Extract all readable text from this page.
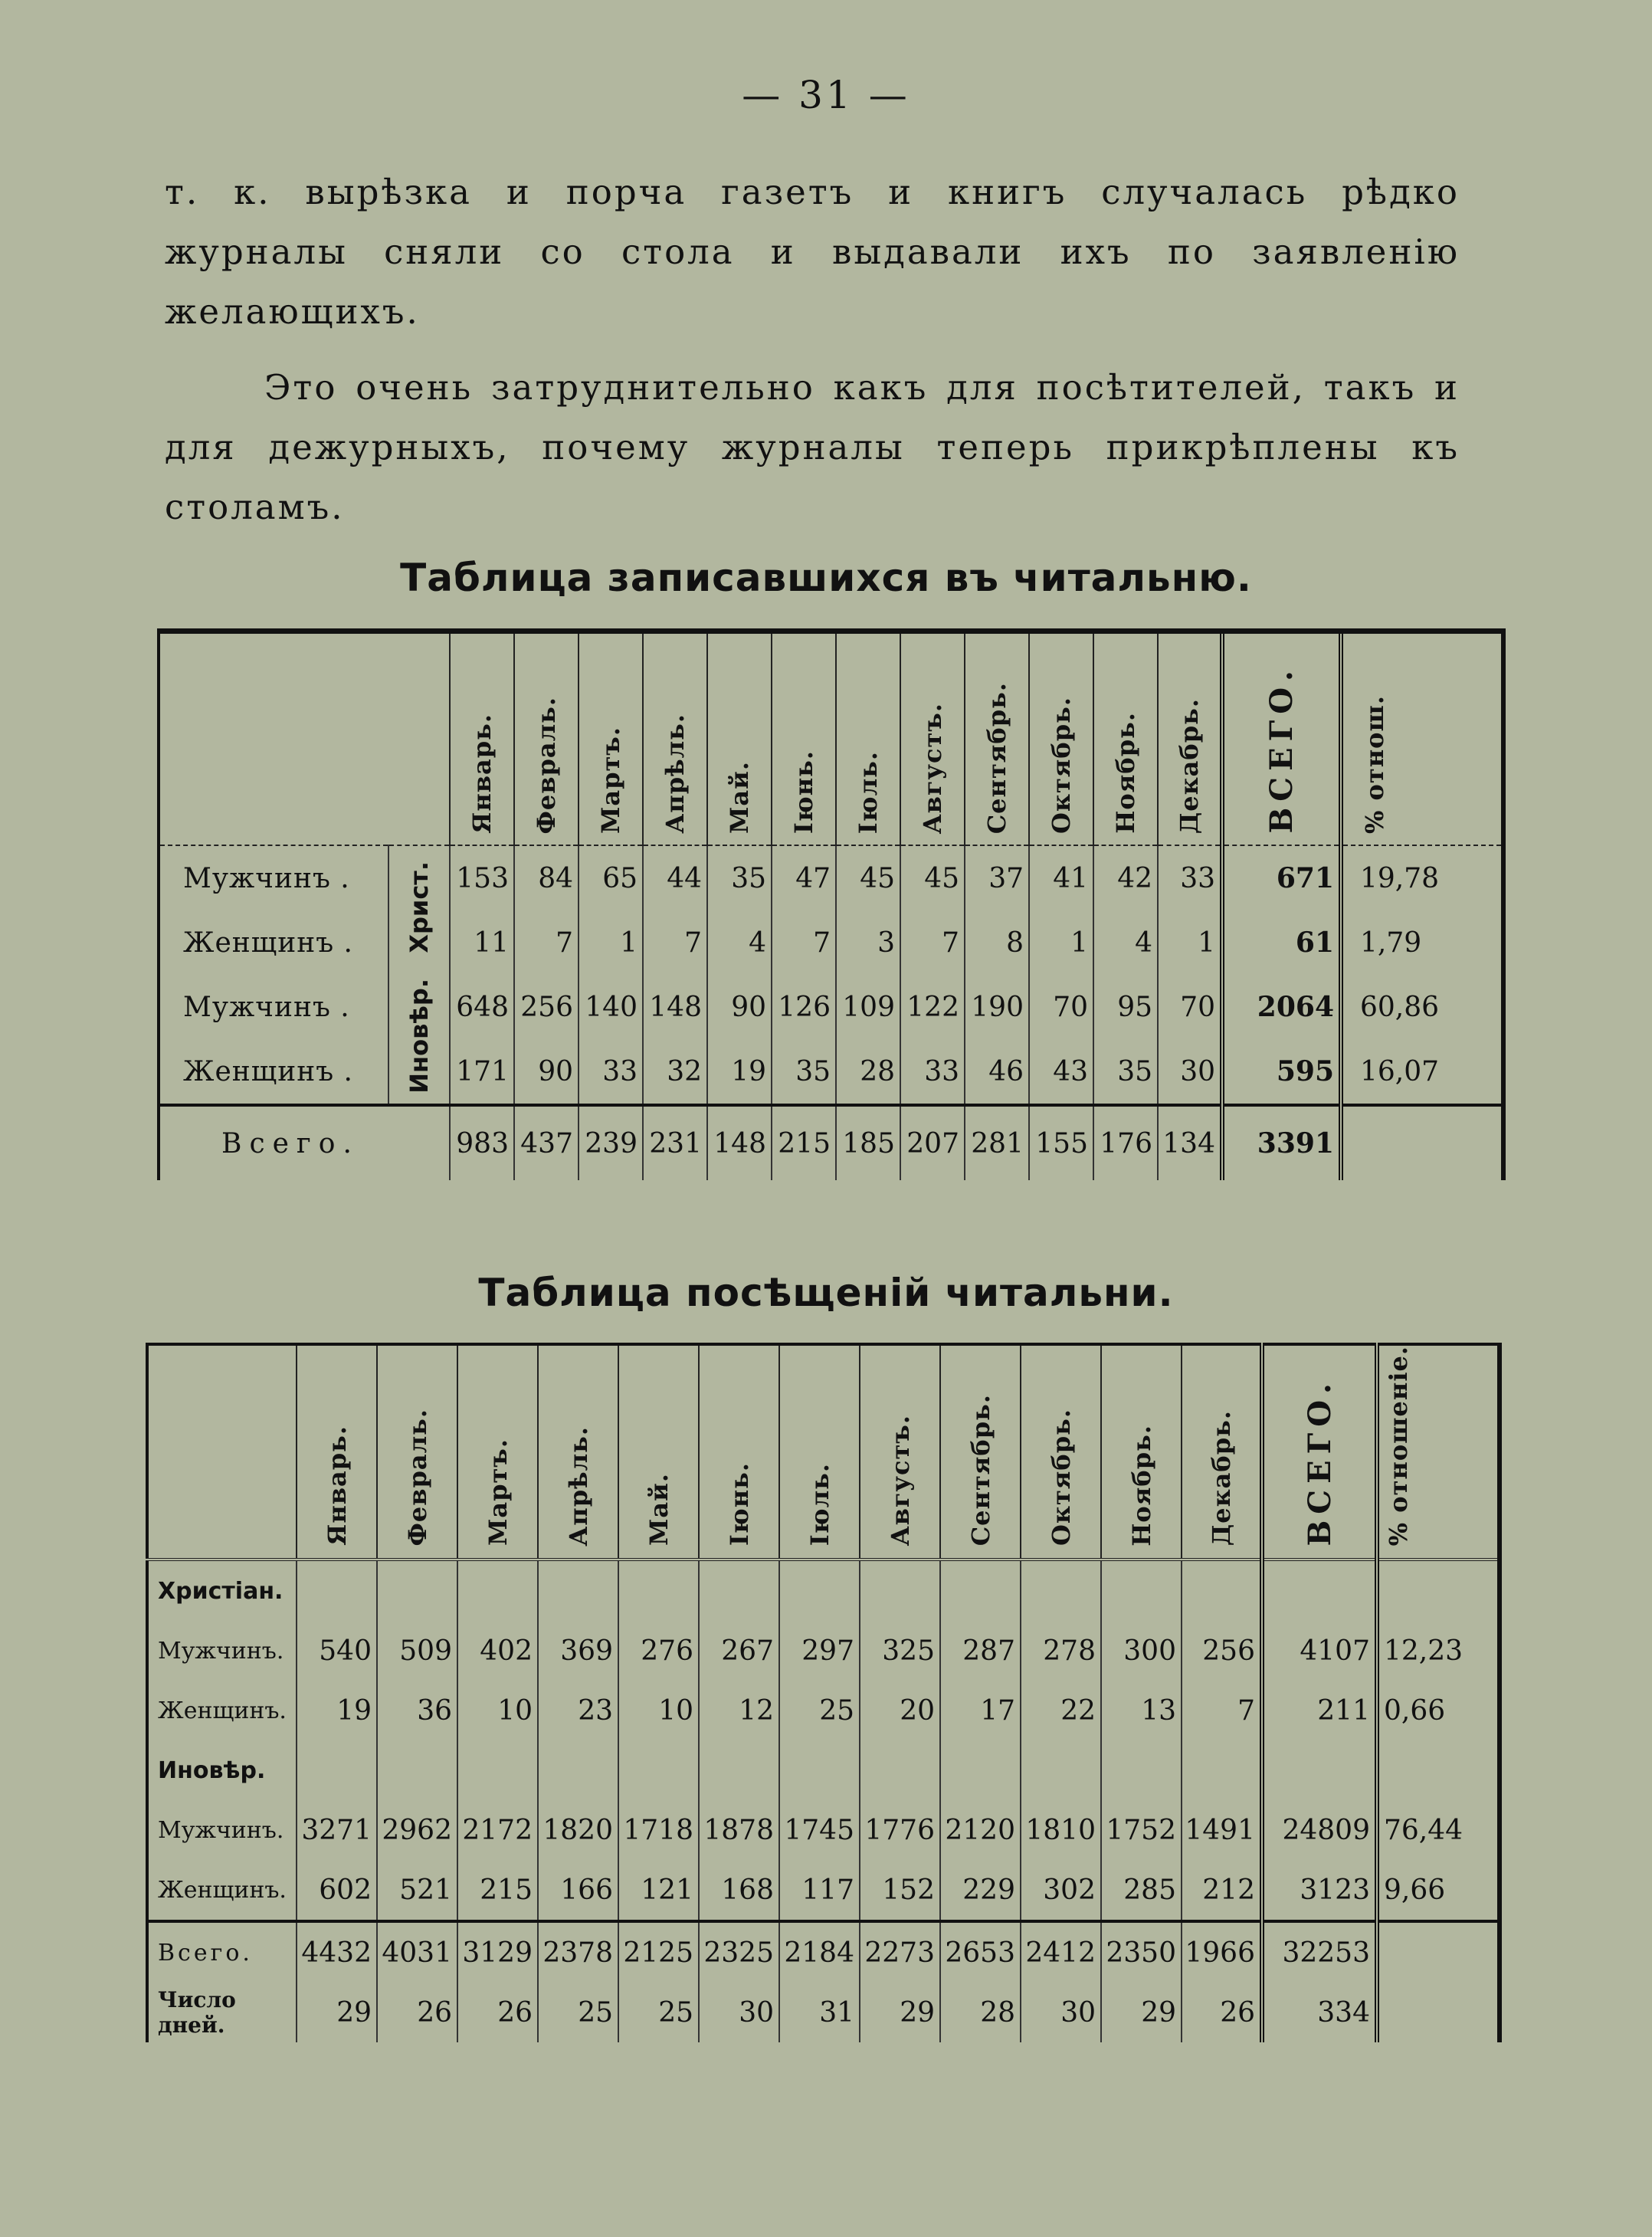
— 31 —
т. к. вырѣзка и порча газетъ и книгъ случалась рѣдко журналы сняли со стола и выдавали ихъ по заявленію желающихъ.
Это очень затруднительно какъ для посѣтителей, такъ и для дежурныхъ, почему журналы теперь прикрѣплены къ столамъ.
Таблица записавшихся въ читальню.
		Январь.	Февраль.	Мартъ.	Апрѣль.	Май.	Іюнь.	Іюль.	Августъ.	Сентябрь.	Октябрь.	Ноябрь.	Декабрь.	ВСЕГО.	% отнош.
Мужчинъ .	Христ.	153	84	65	44	35	47	45	45	37	41	42	33	671	19,78
Женщинъ .		11	7	1	7	4	7	3	7	8	1	4	1	61	1,79
Мужчинъ .	Иновѣр.	648	256	140	148	90	126	109	122	190	70	95	70	2064	60,86
Женщинъ .		171	90	33	32	19	35	28	33	46	43	35	30	595	16,07
Всего.		983	437	239	231	148	215	185	207	281	155	176	134	3391	
Таблица посѣщеній читальни.
	Январь.	Февраль.	Мартъ.	Апрѣль.	Май.	Іюнь.	Іюль.	Августъ.	Сентябрь.	Октябрь.	Ноябрь.	Декабрь.	ВСЕГО.	% отношеніе.
Христіан.														
Мужчинъ.	540	509	402	369	276	267	297	325	287	278	300	256	4107	12,23
Женщинъ.	19	36	10	23	10	12	25	20	17	22	13	7	211	0,66
Иновѣр.														
Мужчинъ.	3271	2962	2172	1820	1718	1878	1745	1776	2120	1810	1752	1491	24809	76,44
Женщинъ.	602	521	215	166	121	168	117	152	229	302	285	212	3123	9,66
Всего.	4432	4031	3129	2378	2125	2325	2184	2273	2653	2412	2350	1966	32253	
Число дней.	29	26	26	25	25	30	31	29	28	30	29	26	334	
